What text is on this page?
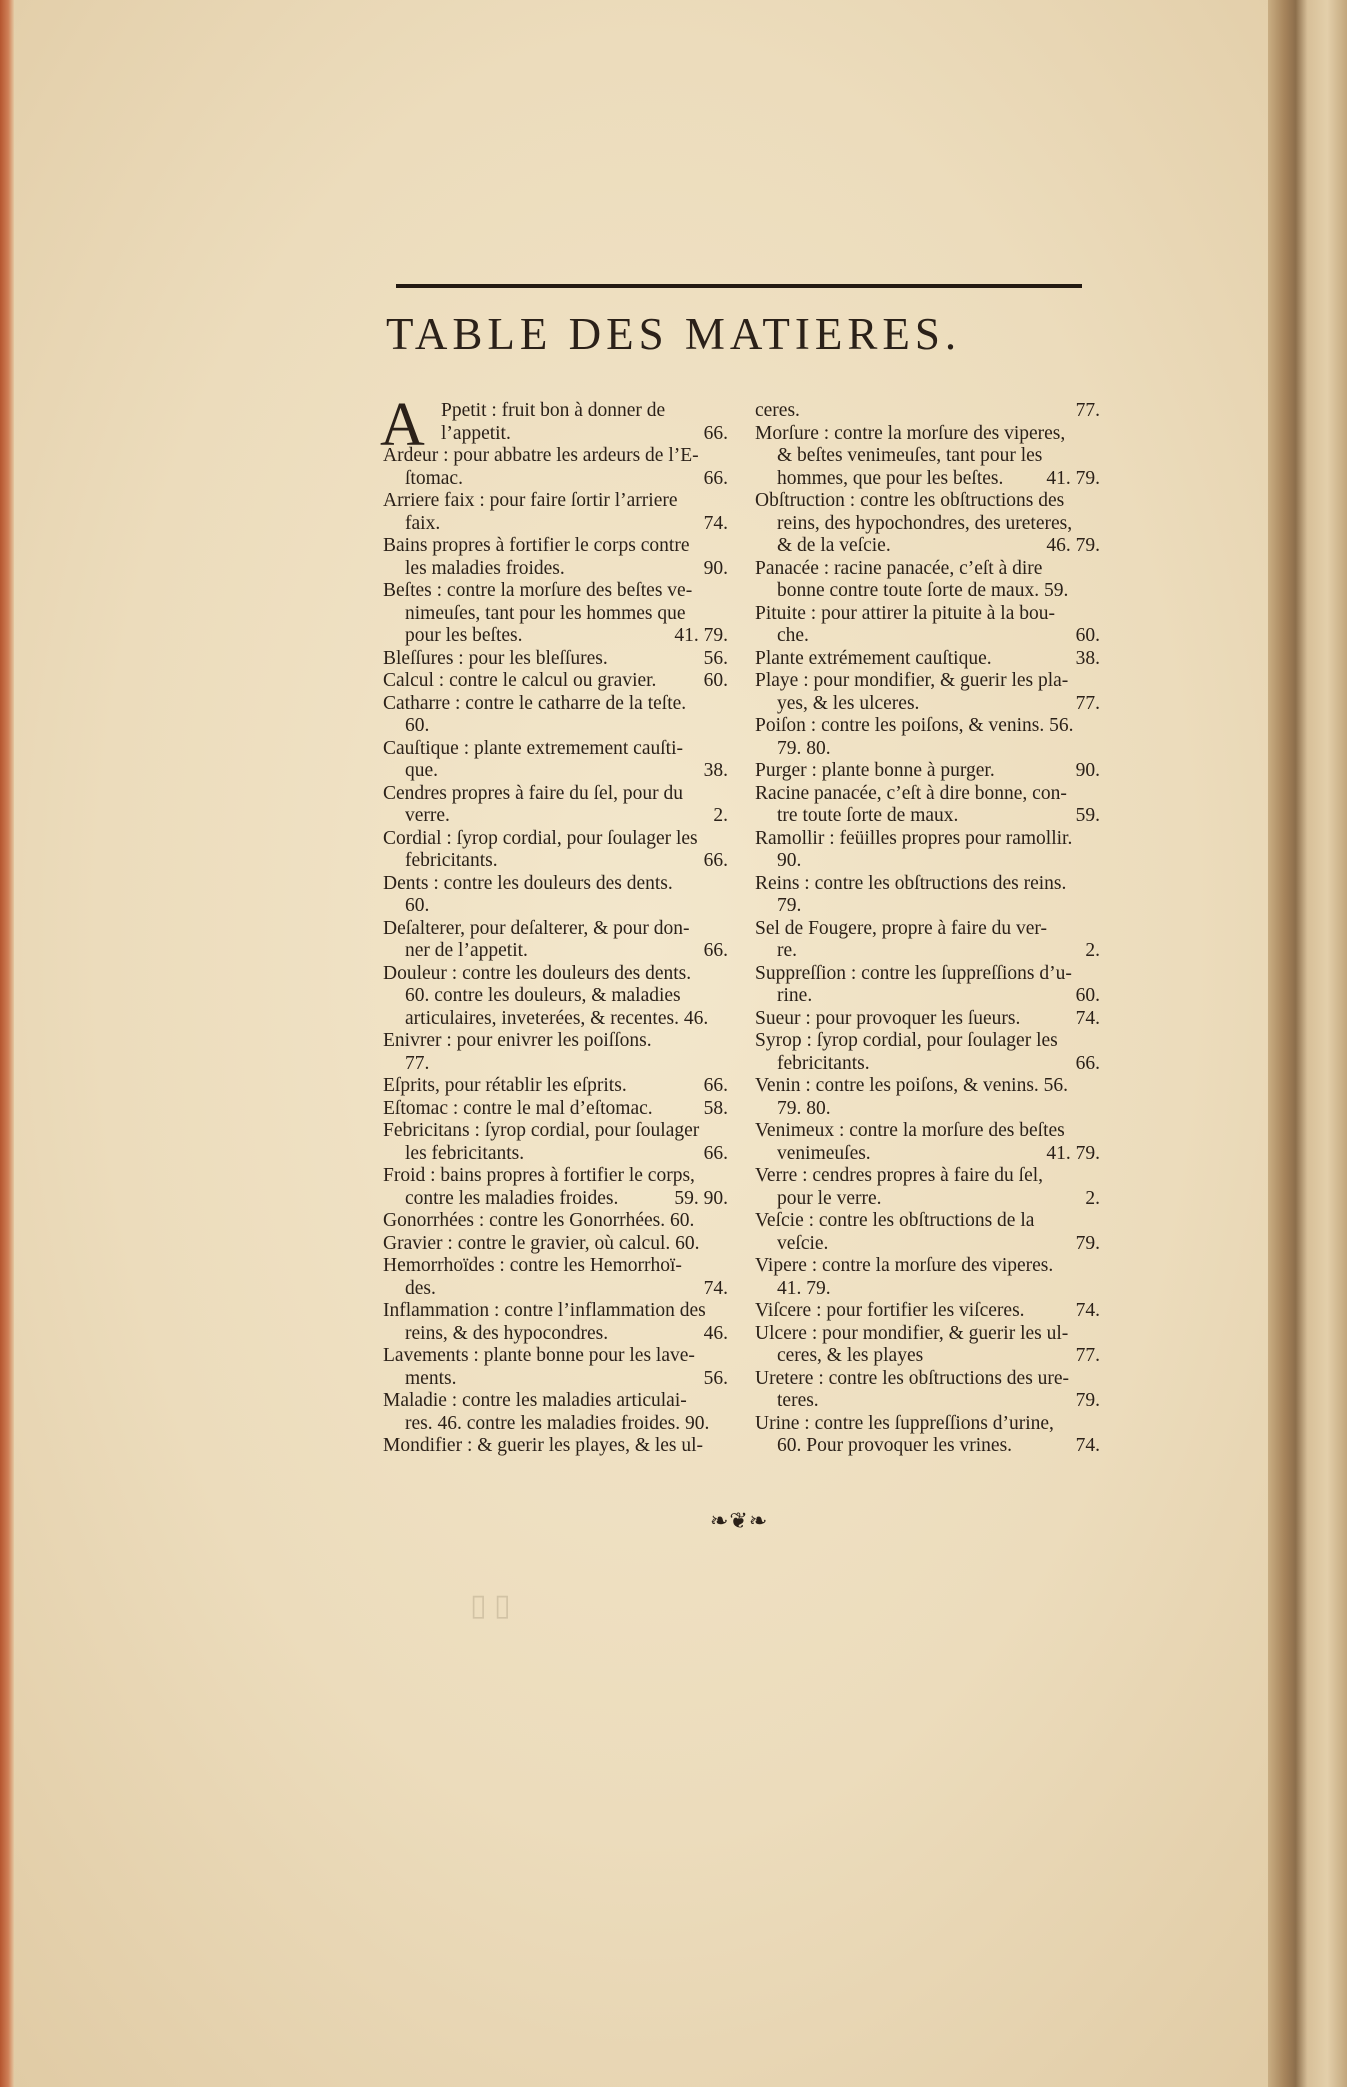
▯ ▯
TABLE DES MATIERES.
A Ppetit : fruit bon à donner de
l’appetit.	66.
Ardeur : pour abbatre les ardeurs de l’E-
ſtomac.	66.
Arriere faix : pour faire ſortir l’arriere
faix.	74.
Bains propres à fortifier le corps contre
les maladies froides.	90.
Beſtes : contre la morſure des beſtes ve-
nimeuſes, tant pour les hommes que
pour les beſtes.	41. 79.
Bleſſures : pour les bleſſures.	56.
Calcul : contre le calcul ou gravier. 60.
Catharre : contre le catharre de la teſte.
60.
Cauſtique : plante extremement cauſti-
que.	38.
Cendres propres à faire du ſel, pour du
verre.	2.
Cordial : ſyrop cordial, pour ſoulager les
febricitants.	66.
Dents : contre les douleurs des dents.
60.
Deſalterer, pour deſalterer, & pour don-
ner de l’appetit.	66.
Douleur : contre les douleurs des dents.
60. contre les douleurs, & maladies
articulaires, inveterées, & recentes. 46.
Enivrer : pour enivrer les poiſſons.
77.
Eſprits, pour rétablir les eſprits.	66.
Eſtomac : contre le mal d’eſtomac.	58.
Febricitans : ſyrop cordial, pour ſoulager
les febricitants.	66.
Froid : bains propres à fortifier le corps,
contre les maladies froides.	59. 90.
Gonorrhées : contre les Gonorrhées. 60.
Gravier : contre le gravier, où calcul. 60.
Hemorrhoïdes : contre les Hemorrhoï-
des.	74.
Inflammation : contre l’inflammation des
reins, & des hypocondres.	46.
Lavements : plante bonne pour les lave-
ments.	56.
Maladie : contre les maladies articulai-
res. 46. contre les maladies froides. 90.
Mondifier : & guerir les playes, & les ul-
ceres.	77.
Morſure : contre la morſure des viperes,
& beſtes venimeuſes, tant pour les
hommes, que pour les beſtes. 41. 79.
Obſtruction : contre les obſtructions des
reins, des hypochondres, des ureteres,
& de la veſcie.	46. 79.
Panacée : racine panacée, c’eſt à dire
bonne contre toute ſorte de maux. 59.
Pituite : pour attirer la pituite à la bou-
che.	60.
Plante extrémement cauſtique.	38.
Playe : pour mondifier, & guerir les pla-
yes, & les ulceres.	77.
Poiſon : contre les poiſons, & venins. 56.
79. 80.
Purger : plante bonne à purger.	90.
Racine panacée, c’eſt à dire bonne, con-
tre toute ſorte de maux.	59.
Ramollir : feüilles propres pour ramollir.
90.
Reins : contre les obſtructions des reins.
79.
Sel de Fougere, propre à faire du ver-
re.	2.
Suppreſſion : contre les ſuppreſſions d’u-
rine.	60.
Sueur : pour provoquer les ſueurs.	74.
Syrop : ſyrop cordial, pour ſoulager les
febricitants.	66.
Venin : contre les poiſons, & venins. 56.
79. 80.
Venimeux : contre la morſure des beſtes
venimeuſes.	41. 79.
Verre : cendres propres à faire du ſel,
pour le verre.	2.
Veſcie : contre les obſtructions de la
veſcie.	79.
Vipere : contre la morſure des viperes.
41. 79.
Viſcere : pour fortifier les viſceres.	74.
Ulcere : pour mondifier, & guerir les ul-
ceres, & les playes	77.
Uretere : contre les obſtructions des ure-
teres.	79.
Urine : contre les ſuppreſſions d’urine,
60. Pour provoquer les vrines.	74.
❧❦❧
